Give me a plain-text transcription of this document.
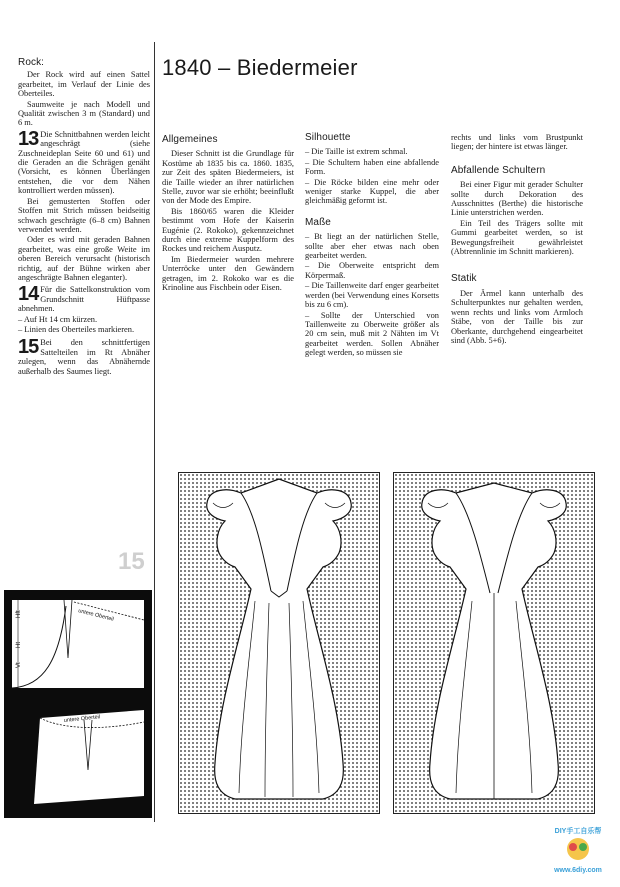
Rock:

Der Rock wird auf einen Sattel gearbeitet, im Verlauf der Linie des Oberteiles.

Saumweite je nach Modell und Qualität zwischen 3 m (Standard) und 6 m.

13 Die Schnittbahnen werden leicht angeschrägt (siehe Zuschneideplan Seite 60 und 61) und die Geraden an die Schrägen genäht (Vorsicht, es können Überlängen entstehen, die vor dem Nähen kontrolliert werden müssen).

Bei gemusterten Stoffen oder Stoffen mit Strich müssen beidseitig schwach geschrägte (6–8 cm) Bahnen verwendet werden.

Oder es wird mit geraden Bahnen gearbeitet, was eine große Weite im oberen Bereich verursacht (historisch richtig, auf der Bühne wirken aber angeschrägte Bahnen eleganter).

14 Für die Sattelkonstruktion vom Grundschnitt Hüftpasse abnehmen.

– Auf Ht 14 cm kürzen.

– Linien des Oberteiles markieren.

15 Bei den schnittfertigen Sattelteilen im Rt Abnäher zulegen, wenn das Abnähernde außerhalb des Saumes liegt.

15
1840 – Biedermeier
Allgemeines

Dieser Schnitt ist die Grundlage für Kostüme ab 1835 bis ca. 1860. 1835, zur Zeit des späten Biedermeiers, ist die Taille wieder an ihrer natürlichen Stelle, zuvor war sie erhöht; beeinflußt von der Mode des Empire.

Bis 1860/65 waren die Kleider bestimmt vom Hofe der Kaiserin Eugénie (2. Rokoko), gekennzeichnet durch eine extreme Kuppelform des Rockes und reichem Ausputz.

Im Biedermeier wurden mehrere Unterröcke unter den Gewändern getragen, im 2. Rokoko war es die Krinoline aus Fischbein oder Eisen.

Silhouette

– Die Taille ist extrem schmal.

– Die Schultern haben eine abfallende Form.

– Die Röcke bilden eine mehr oder weniger starke Kuppel, die aber gleichmäßig geformt ist.

Maße

– Bt liegt an der natürlichen Stelle, sollte aber eher etwas nach oben gearbeitet werden.

– Die Oberweite entspricht dem Körpermaß.

– Die Taillenweite darf enger gearbeitet werden (bei Verwendung eines Korsetts bis zu 6 cm).

– Sollte der Unterschied von Taillenweite zu Oberweite größer als 20 cm sein, muß mit 2 Nähten im Vt gearbeitet werden. Sollen Abnäher gelegt werden, so müssen sie

rechts und links vom Brustpunkt liegen; der hintere ist etwas länger.

Abfallende Schultern

Bei einer Figur mit gerader Schulter sollte durch Dekoration des Ausschnittes (Berthe) die historische Linie unterstrichen werden.

Ein Teil des Trägers sollte mit Gummi gearbeitet werden, so ist Bewegungsfreiheit gewährleistet (Abtrennlinie im Schnitt markieren).

Statik

Der Ärmel kann unterhalb des Schulterpunktes nur gehalten werden, wenn rechts und links vom Armloch Stäbe, von der Taille bis zur Oberkante, durchgehend eingearbeitet sind (Abb. 5+6).

Hft
Ht
Vt
untere Oberteil
untere Oberteil
DIY手工自乐帮
www.6diy.com
